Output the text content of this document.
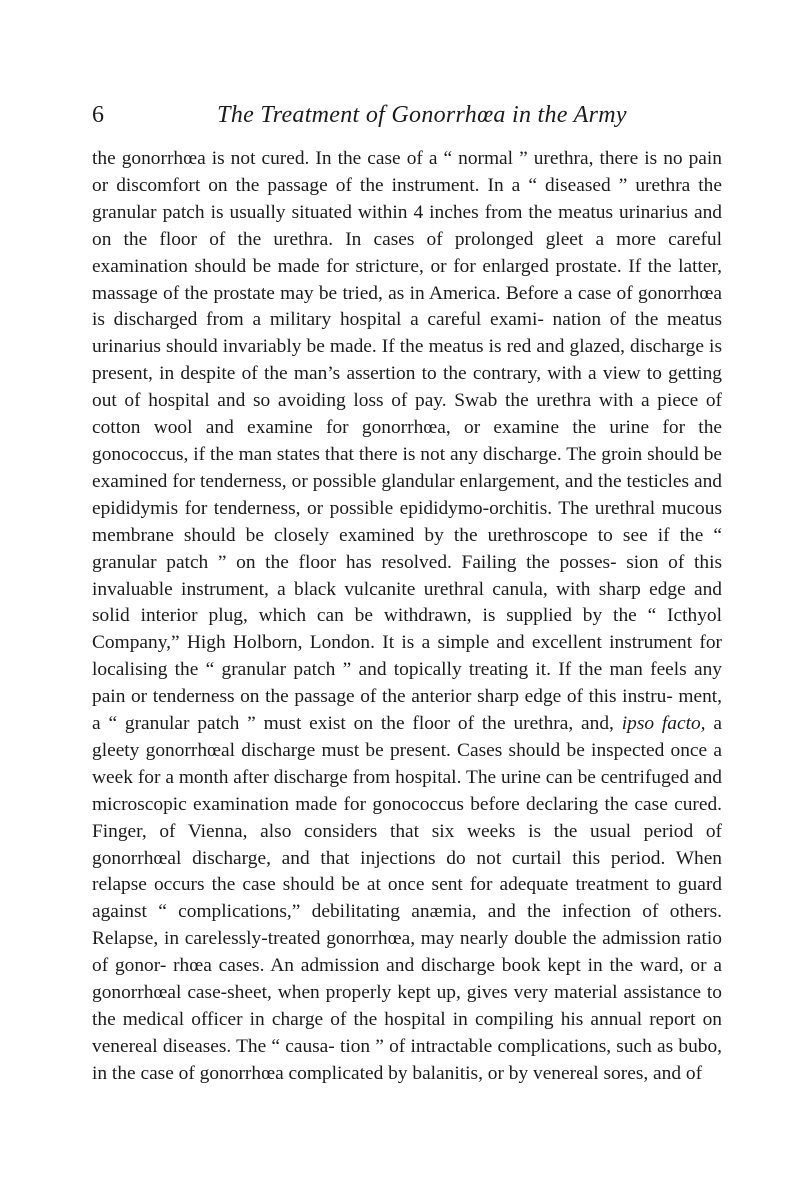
6	The Treatment of Gonorrhœa in the Army

the gonorrhœa is not cured. In the case of a “ normal ” urethra, there is no pain or discomfort on the passage of the instrument. In a “ diseased ” urethra the granular patch is usually situated within 4 inches from the meatus urinarius and on the floor of the urethra. In cases of prolonged gleet a more careful examination should be made for stricture, or for enlarged prostate. If the latter, massage of the prostate may be tried, as in America. Before a case of gonorrhœa is discharged from a military hospital a careful exami- nation of the meatus urinarius should invariably be made. If the meatus is red and glazed, discharge is present, in despite of the man’s assertion to the contrary, with a view to getting out of hospital and so avoiding loss of pay. Swab the urethra with a piece of cotton wool and examine for gonorrhœa, or examine the urine for the gonococcus, if the man states that there is not any discharge. The groin should be examined for tenderness, or possible glandular enlargement, and the testicles and epididymis for tenderness, or possible epididymo-orchitis. The urethral mucous membrane should be closely examined by the urethroscope to see if the “ granular patch ” on the floor has resolved. Failing the posses- sion of this invaluable instrument, a black vulcanite urethral canula, with sharp edge and solid interior plug, which can be withdrawn, is supplied by the “ Icthyol Company,” High Holborn, London. It is a simple and excellent instrument for localising the “ granular patch ” and topically treating it. If the man feels any pain or tenderness on the passage of the anterior sharp edge of this instru- ment, a “ granular patch ” must exist on the floor of the urethra, and, ipso facto, a gleety gonorrhœal discharge must be present. Cases should be inspected once a week for a month after discharge from hospital. The urine can be centrifuged and microscopic examination made for gonococcus before declaring the case cured. Finger, of Vienna, also considers that six weeks is the usual period of gonorrhœal discharge, and that injections do not curtail this period. When relapse occurs the case should be at once sent for adequate treatment to guard against “ complications,” debilitating anæmia, and the infection of others. Relapse, in carelessly-treated gonorrhœa, may nearly double the admission ratio of gonor- rhœa cases. An admission and discharge book kept in the ward, or a gonorrhœal case-sheet, when properly kept up, gives very material assistance to the medical officer in charge of the hospital in compiling his annual report on venereal diseases. The “ causa- tion ” of intractable complications, such as bubo, in the case of gonorrhœa complicated by balanitis, or by venereal sores, and of
